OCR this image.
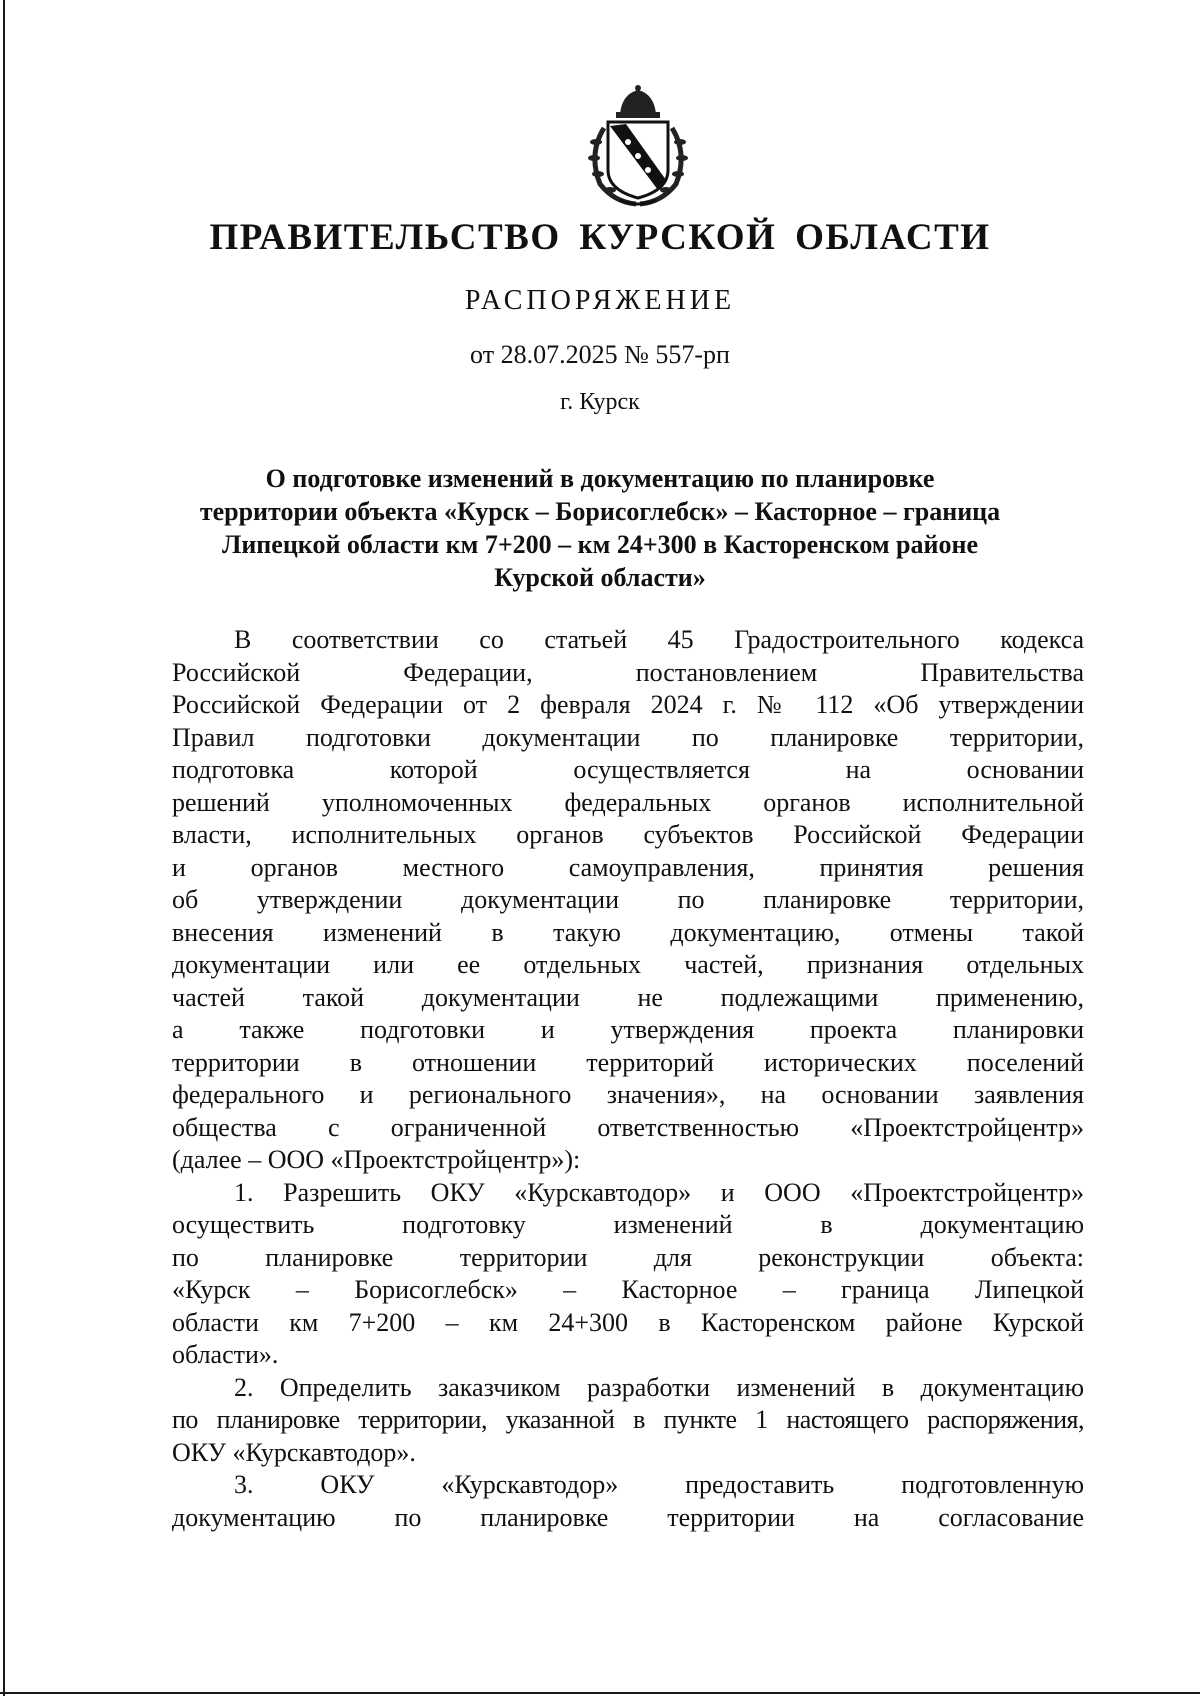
ПРАВИТЕЛЬСТВО КУРСКОЙ ОБЛАСТИ
РАСПОРЯЖЕНИЕ
от 28.07.2025 № 557-рп
г. Курск
О подготовке изменений в документацию по планировке
территории объекта «Курск – Борисоглебск» – Касторное – граница
Липецкой области км 7+200 – км 24+300 в Касторенском районе
Курской области»
В соответствии со статьей 45 Градостроительного кодекса
Российской Федерации, постановлением Правительства
Российской Федерации от 2 февраля 2024 г. № 112 «Об утверждении
Правил подготовки документации по планировке территории,
подготовка которой осуществляется на основании
решений уполномоченных федеральных органов исполнительной
власти, исполнительных органов субъектов Российской Федерации
и органов местного самоуправления, принятия решения
об утверждении документации по планировке территории,
внесения изменений в такую документацию, отмены такой
документации или ее отдельных частей, признания отдельных
частей такой документации не подлежащими применению,
а также подготовки и утверждения проекта планировки
территории в отношении территорий исторических поселений
федерального и регионального значения», на основании заявления
общества с ограниченной ответственностью «Проектстройцентр»
(далее – ООО «Проектстройцентр»):
1. Разрешить ОКУ «Курскавтодор» и ООО «Проектстройцентр»
осуществить подготовку изменений в документацию
по планировке территории для реконструкции объекта:
«Курск – Борисоглебск» – Касторное – граница Липецкой
области км 7+200 – км 24+300 в Касторенском районе Курской
области».
2. Определить заказчиком разработки изменений в документацию
по планировке территории, указанной в пункте 1 настоящего распоряжения,
ОКУ «Курскавтодор».
3. ОКУ «Курскавтодор» предоставить подготовленную
документацию по планировке территории на согласование
